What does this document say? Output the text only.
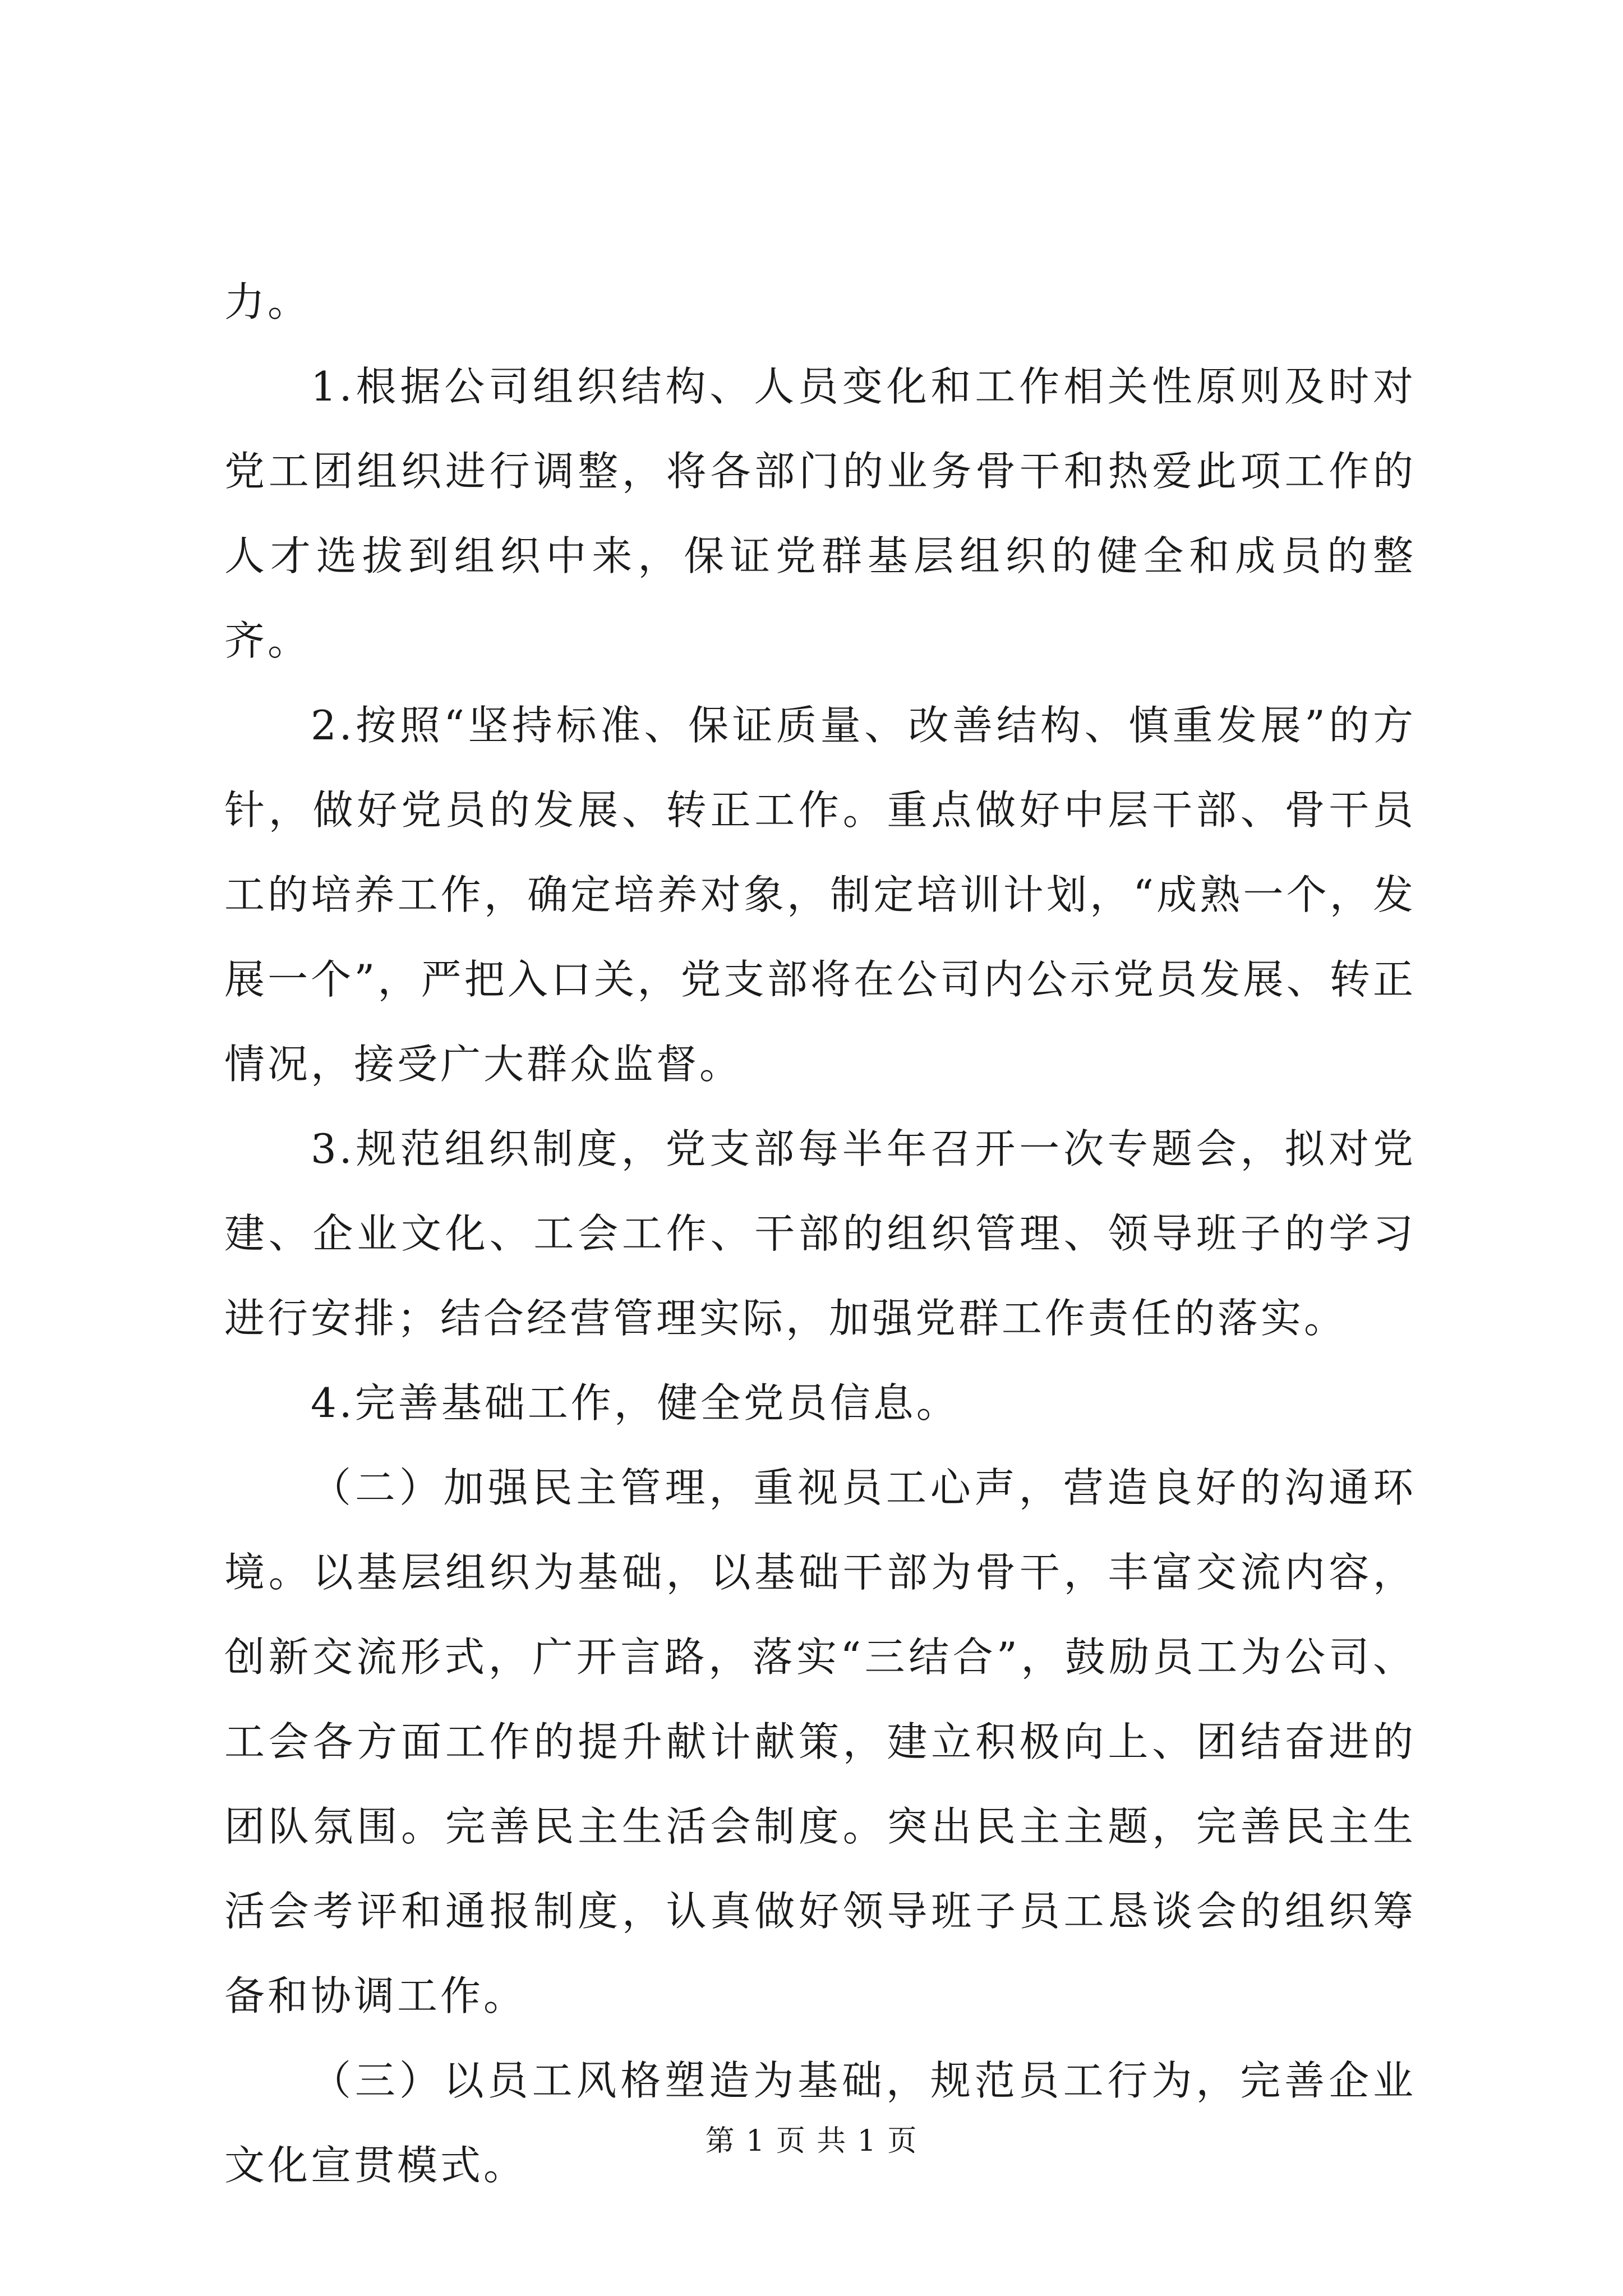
力。

1.根据公司组织结构、人员变化和工作相关性原则及时对党工团组织进行调整，将各部门的业务骨干和热爱此项工作的人才选拔到组织中来，保证党群基层组织的健全和成员的整齐。

2.按照“坚持标准、保证质量、改善结构、慎重发展”的方针，做好党员的发展、转正工作。重点做好中层干部、骨干员工的培养工作，确定培养对象，制定培训计划，“成熟一个，发展一个”，严把入口关，党支部将在公司内公示党员发展、转正情况，接受广大群众监督。

3.规范组织制度，党支部每半年召开一次专题会，拟对党建、企业文化、工会工作、干部的组织管理、领导班子的学习进行安排；结合经营管理实际，加强党群工作责任的落实。

4.完善基础工作，健全党员信息。

（二）加强民主管理，重视员工心声，营造良好的沟通环境。以基层组织为基础，以基础干部为骨干，丰富交流内容，创新交流形式，广开言路，落实“三结合”，鼓励员工为公司、工会各方面工作的提升献计献策，建立积极向上、团结奋进的团队氛围。完善民主生活会制度。突出民主主题，完善民主生活会考评和通报制度，认真做好领导班子员工恳谈会的组织筹备和协调工作。

（三）以员工风格塑造为基础，规范员工行为，完善企业文化宣贯模式。

第 1 页 共 1 页
